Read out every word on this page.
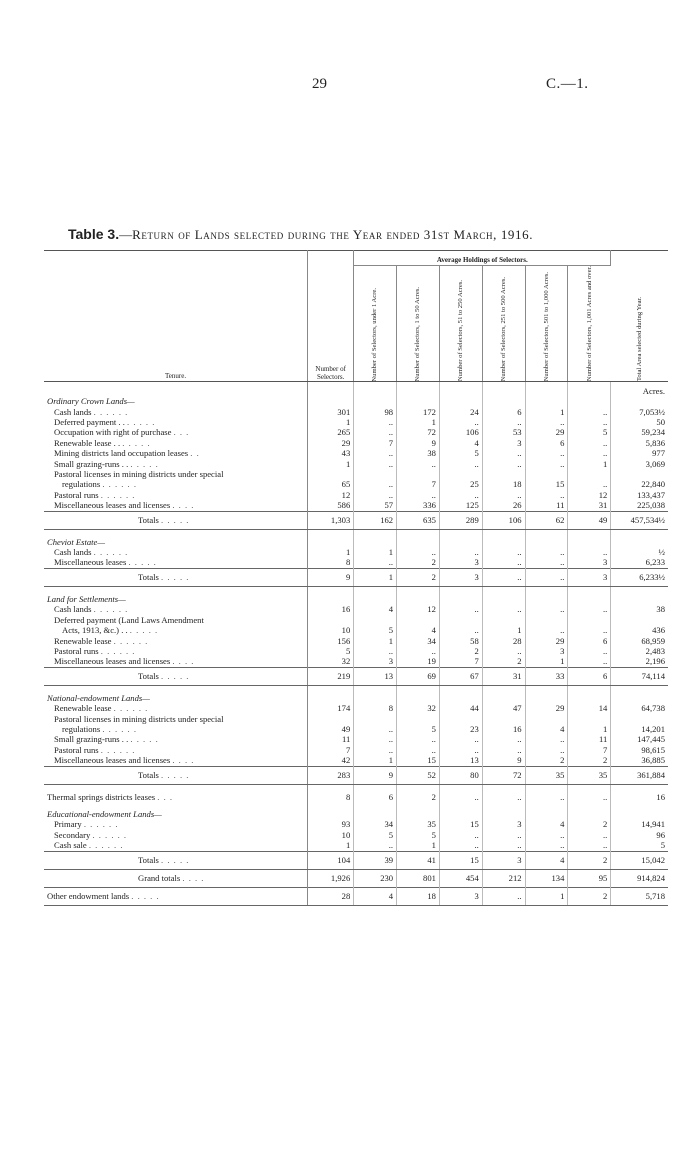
29	C.—1.
Table 3.—Return of Lands selected during the Year ended 31st March, 1916.
Tenure.	Number of Selectors.	Average Holdings of Selectors.						Total Area selected during Year.

		Number of Selectors, under 1 Acre.	Number of Selectors, 1 to 50 Acres.	Number of Selectors, 51 to 250 Acres.	Number of Selectors, 251 to 500 Acres.	Number of Selectors, 501 to 1,000 Acres.	Number of Selectors, 1,001 Acres and over.	

								Acres.
Ordinary Crown Lands—								
Cash lands . . . . . .	301	98	172	24	6	1	..	7,053½
Deferred payment . . . . . . .	1	..	1	..	..	..	..	50
Occupation with right of purchase . . .	265	..	72	106	53	29	5	59,234
Renewable lease . . . . . . .	29	7	9	4	3	6	..	5,836
Mining districts land occupation leases . .	43	..	38	5	..	..	..	977
Small grazing-runs . . . . . . .	1	..	..	..	..	..	1	3,069
Pastoral licenses in mining districts under special								
regulations . . . . . .	65	..	7	25	18	15	..	22,840
Pastoral runs . . . . . .	12	..	..	..	..	..	12	133,437
Miscellaneous leases and licenses . . . .	586	57	336	125	26	11	31	225,038
Totals . . . . .	1,303	162	635	289	106	62	49	457,534½

Cheviot Estate—								
Cash lands . . . . . .	1	1	..	..	..	..	..	½
Miscellaneous leases . . . . .	8	..	2	3	..	..	3	6,233
Totals . . . . .	9	1	2	3	..	..	3	6,233½

Land for Settlements—								
Cash lands . . . . . .	16	4	12	..	..	..	..	38
Deferred payment (Land Laws Amendment								
Acts, 1913, &c.) . . . . . . .	10	5	4	..	1	..	..	436
Renewable lease . . . . . .	156	1	34	58	28	29	6	68,959
Pastoral runs . . . . . .	5	..	..	2	..	3	..	2,483
Miscellaneous leases and licenses . . . .	32	3	19	7	2	1	..	2,196
Totals . . . . .	219	13	69	67	31	33	6	74,114

National-endowment Lands—								
Renewable lease . . . . . .	174	8	32	44	47	29	14	64,738
Pastoral licenses in mining districts under special								
regulations . . . . . .	49	..	5	23	16	4	1	14,201
Small grazing-runs . . . . . . .	11	..	..	..	..	..	11	147,445
Pastoral runs . . . . . .	7	..	..	..	..	..	7	98,615
Miscellaneous leases and licenses . . . .	42	1	15	13	9	2	2	36,885
Totals . . . . .	283	9	52	80	72	35	35	361,884

Thermal springs districts leases . . .	8	6	2	..	..	..	..	16

Educational-endowment Lands—								
Primary . . . . . .	93	34	35	15	3	4	2	14,941
Secondary . . . . . .	10	5	5	..	..	..	..	96
Cash sale . . . . . .	1	..	1	..	..	..	..	5
Totals . . . . .	104	39	41	15	3	4	2	15,042
Grand totals . . . .	1,926	230	801	454	212	134	95	914,824
Other endowment lands . . . . .	28	4	18	3	..	1	2	5,718
